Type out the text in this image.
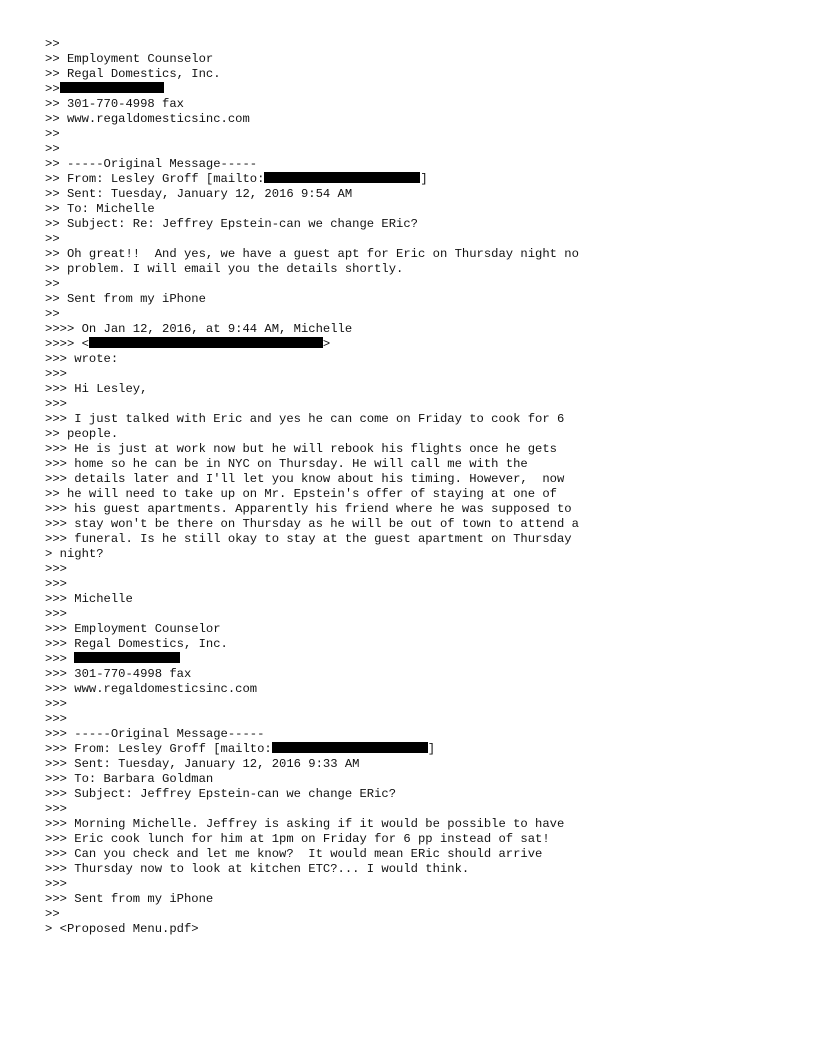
>>
>> Employment Counselor
>> Regal Domestics, Inc.
>>
>> 301-770-4998 fax
>> www.regaldomesticsinc.com
>>
>>
>> -----Original Message-----
>> From: Lesley Groff [mailto:	]
>> Sent: Tuesday, January 12, 2016 9:54 AM
>> To: Michelle
>> Subject: Re: Jeffrey Epstein-can we change ERic?
>>
>> Oh great!!  And yes, we have a guest apt for Eric on Thursday night no
>> problem. I will email you the details shortly.
>>
>> Sent from my iPhone
>>
>>>> On Jan 12, 2016, at 9:44 AM, Michelle
>>>> <	>
>>> wrote:
>>>
>>> Hi Lesley,
>>>
>>> I just talked with Eric and yes he can come on Friday to cook for 6
>> people.
>>> He is just at work now but he will rebook his flights once he gets
>>> home so he can be in NYC on Thursday. He will call me with the
>>> details later and I'll let you know about his timing. However,  now
>> he will need to take up on Mr. Epstein's offer of staying at one of
>>> his guest apartments. Apparently his friend where he was supposed to
>>> stay won't be there on Thursday as he will be out of town to attend a
>>> funeral. Is he still okay to stay at the guest apartment on Thursday
> night?
>>>
>>>
>>> Michelle
>>>
>>> Employment Counselor
>>> Regal Domestics, Inc.
>>>
>>> 301-770-4998 fax
>>> www.regaldomesticsinc.com
>>>
>>>
>>> -----Original Message-----
>>> From: Lesley Groff [mailto:	]
>>> Sent: Tuesday, January 12, 2016 9:33 AM
>>> To: Barbara Goldman
>>> Subject: Jeffrey Epstein-can we change ERic?
>>>
>>> Morning Michelle. Jeffrey is asking if it would be possible to have
>>> Eric cook lunch for him at 1pm on Friday for 6 pp instead of sat!
>>> Can you check and let me know?  It would mean ERic should arrive
>>> Thursday now to look at kitchen ETC?... I would think.
>>>
>>> Sent from my iPhone
>>
> <Proposed Menu.pdf>
